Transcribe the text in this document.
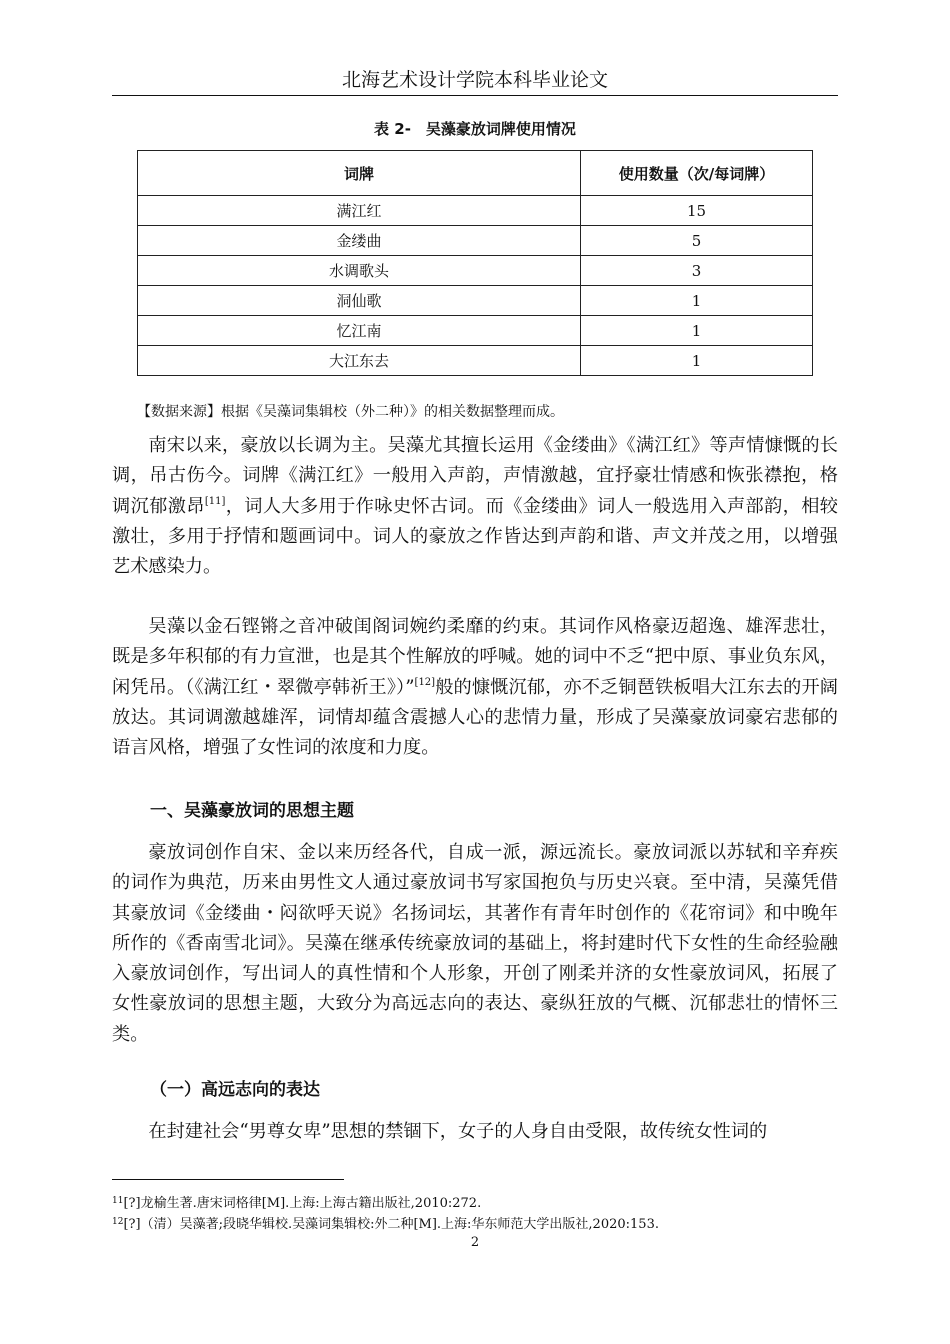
北海艺术设计学院本科毕业论文
表 2-　吴藻豪放词牌使用情况
词牌	使用数量（次/每词牌）
满江红	15
金缕曲	5
水调歌头	3
洞仙歌	1
忆江南	1
大江东去	1
【数据来源】根据《吴藻词集辑校（外二种）》的相关数据整理而成。

南宋以来，豪放以长调为主。吴藻尤其擅长运用《金缕曲》《满江红》等声情慷慨的长调，吊古伤今。词牌《满江红》一般用入声韵，声情激越，宜抒豪壮情感和恢张襟抱，格调沉郁激昂[11]，词人大多用于作咏史怀古词。而《金缕曲》词人一般选用入声部韵，相较激壮，多用于抒情和题画词中。词人的豪放之作皆达到声韵和谐、声文并茂之用，以增强艺术感染力。

吴藻以金石铿锵之音冲破闺阁词婉约柔靡的约束。其词作风格豪迈超逸、雄浑悲壮，既是多年积郁的有力宣泄，也是其个性解放的呼喊。她的词中不乏“把中原、事业负东风，闲凭吊。（《满江红・翠微亭韩祈王》）”[12]般的慷慨沉郁，亦不乏铜琶铁板唱大江东去的开阔放达。其词调激越雄浑，词情却蕴含震撼人心的悲情力量，形成了吴藻豪放词豪宕悲郁的语言风格，增强了女性词的浓度和力度。

一、吴藻豪放词的思想主题

豪放词创作自宋、金以来历经各代，自成一派，源远流长。豪放词派以苏轼和辛弃疾的词作为典范，历来由男性文人通过豪放词书写家国抱负与历史兴衰。至中清，吴藻凭借其豪放词《金缕曲・闷欲呼天说》名扬词坛，其著作有青年时创作的《花帘词》和中晚年所作的《香南雪北词》。吴藻在继承传统豪放词的基础上，将封建时代下女性的生命经验融入豪放词创作，写出词人的真性情和个人形象，开创了刚柔并济的女性豪放词风，拓展了女性豪放词的思想主题，大致分为高远志向的表达、豪纵狂放的气概、沉郁悲壮的情怀三类。

（一）高远志向的表达

在封建社会“男尊女卑”思想的禁锢下，女子的人身自由受限，故传统女性词的

$^{11}$[?]龙榆生著.唐宋词格律[M].上海:上海古籍出版社,2010:272.
$^{12}$[?]（清）吴藻著;段晓华辑校.吴藻词集辑校:外二种[M].上海:华东师范大学出版社,2020:153.
2
